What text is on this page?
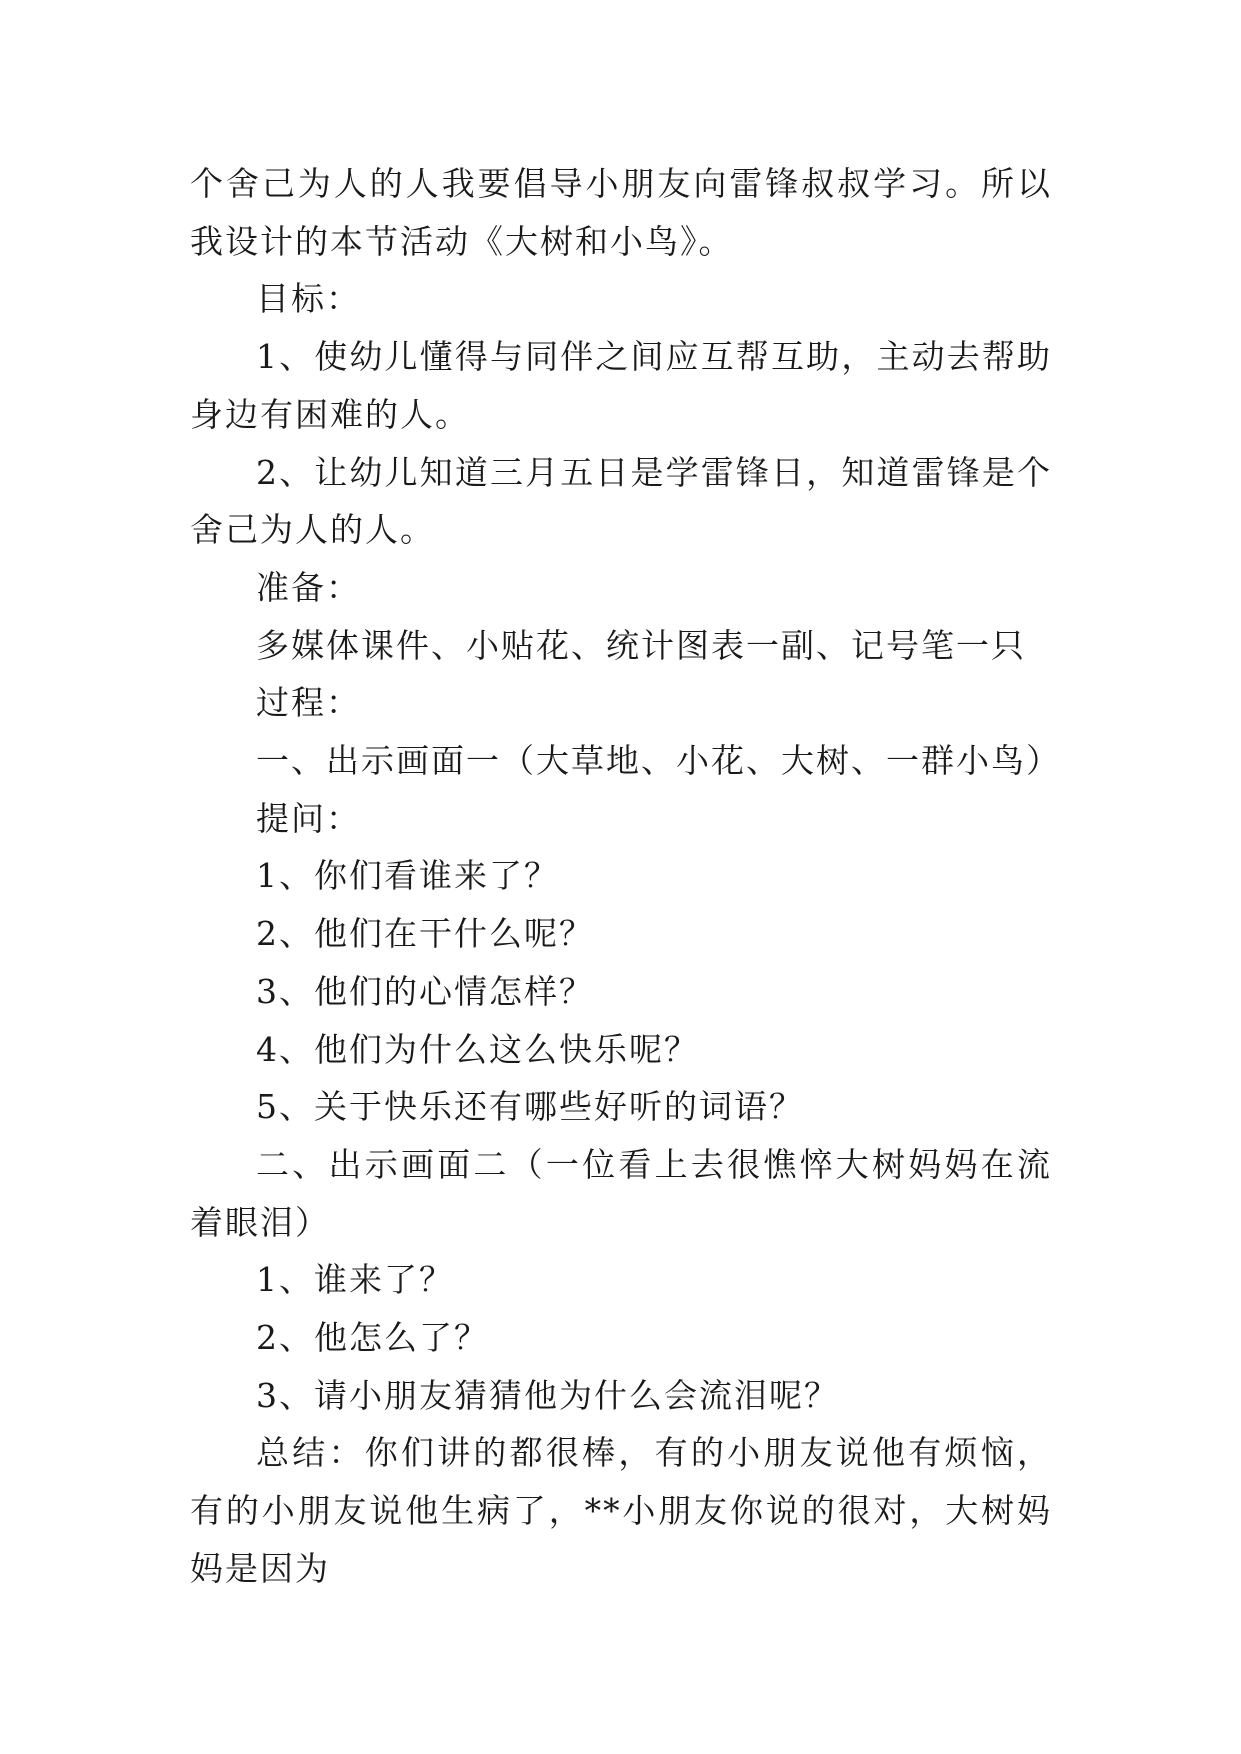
个舍己为人的人我要倡导小朋友向雷锋叔叔学习。所以我设计的本节活动《大树和小鸟》。

目标：

1、使幼儿懂得与同伴之间应互帮互助，主动去帮助身边有困难的人。

2、让幼儿知道三月五日是学雷锋日，知道雷锋是个舍己为人的人。

准备：

多媒体课件、小贴花、统计图表一副、记号笔一只

过程：

一、出示画面一（大草地、小花、大树、一群小鸟）

提问：

1、你们看谁来了？

2、他们在干什么呢？

3、他们的心情怎样？

4、他们为什么这么快乐呢？

5、关于快乐还有哪些好听的词语？

二、出示画面二（一位看上去很憔悴大树妈妈在流着眼泪）

1、谁来了？

2、他怎么了？

3、请小朋友猜猜他为什么会流泪呢？

总结：你们讲的都很棒，有的小朋友说他有烦恼，有的小朋友说他生病了，**小朋友你说的很对，大树妈妈是因为
